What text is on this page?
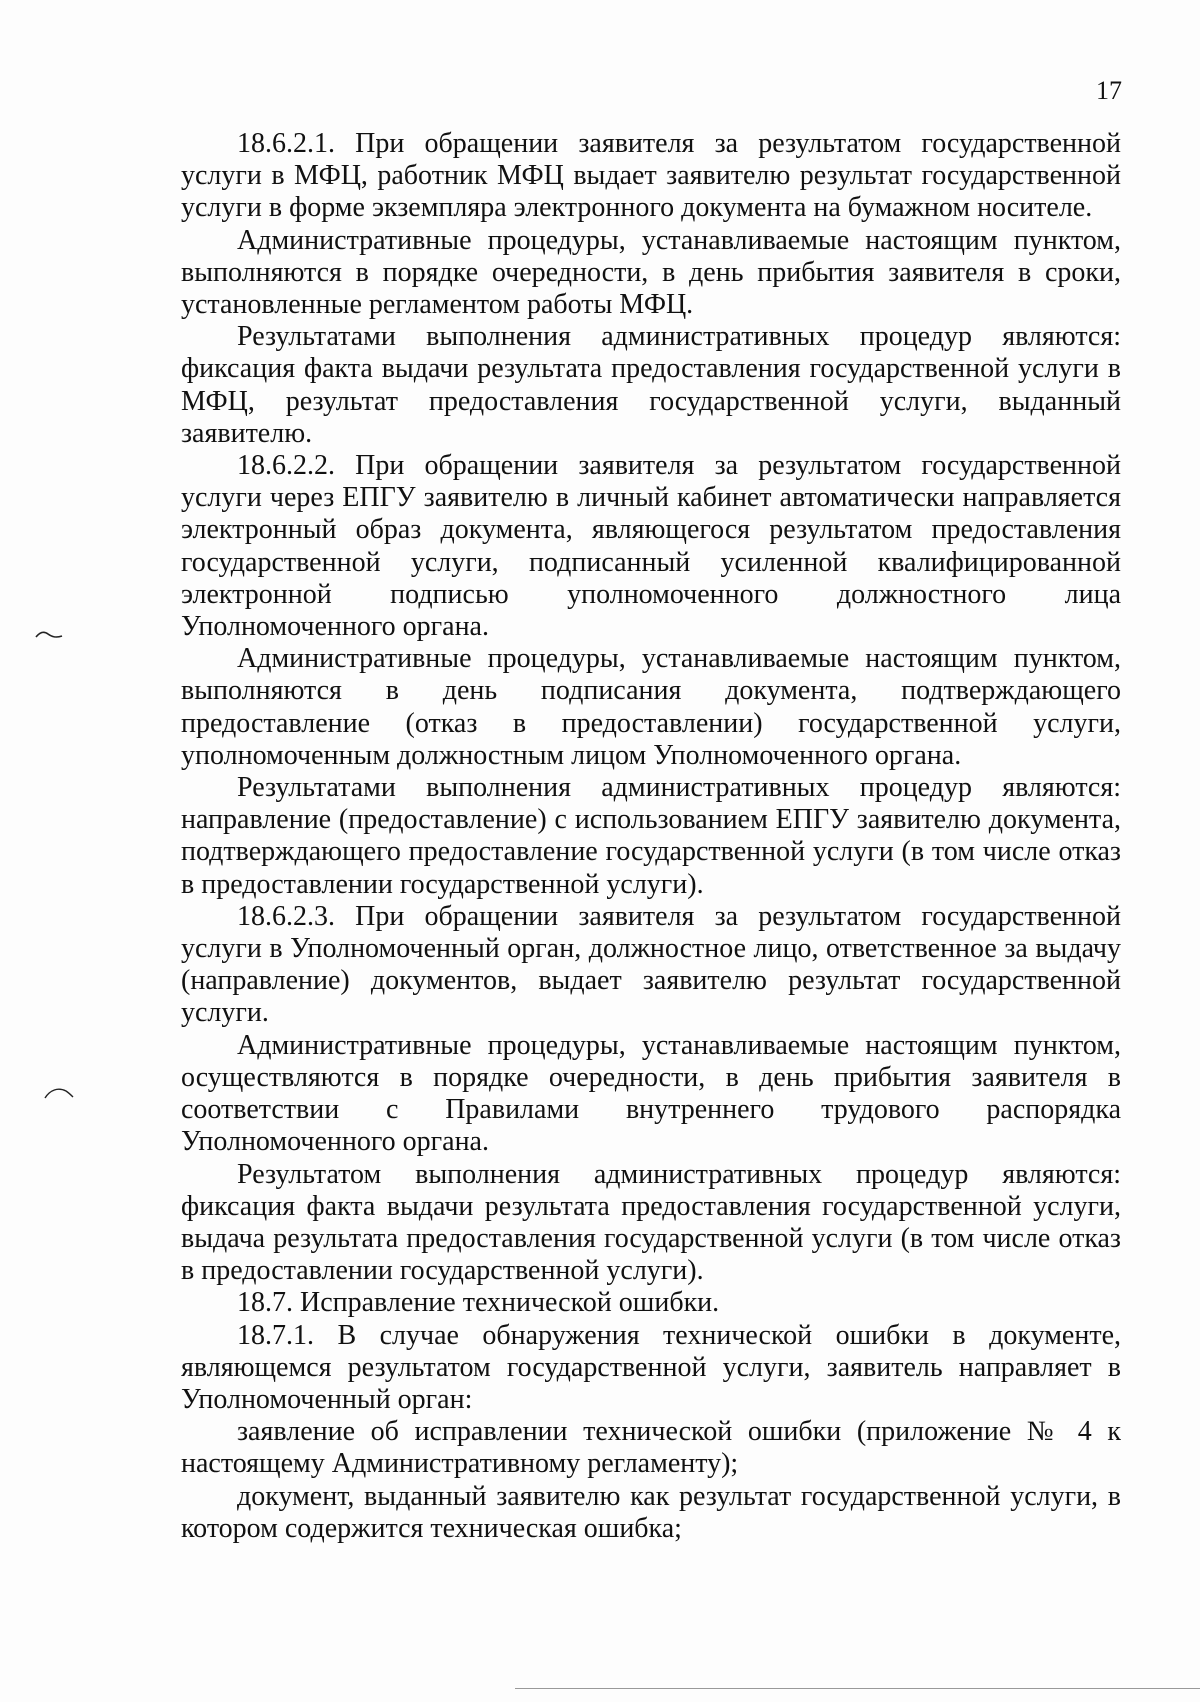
17

18.6.2.1. При обращении заявителя за результатом государственной услуги в МФЦ, работник МФЦ выдает заявителю результат государственной услуги в форме экземпляра электронного документа на бумажном носителе.

Административные процедуры, устанавливаемые настоящим пунктом, выполняются в порядке очередности, в день прибытия заявителя в сроки, установленные регламентом работы МФЦ.

Результатами выполнения административных процедур являются: фиксация факта выдачи результата предоставления государственной услуги в МФЦ, результат предоставления государственной услуги, выданный заявителю.

18.6.2.2. При обращении заявителя за результатом государственной услуги через ЕПГУ заявителю в личный кабинет автоматически направляется электронный образ документа, являющегося результатом предоставления государственной услуги, подписанный усиленной квалифицированной электронной подписью уполномоченного должностного лица Уполномоченного органа.

Административные процедуры, устанавливаемые настоящим пунктом, выполняются в день подписания документа, подтверждающего предоставление (отказ в предоставлении) государственной услуги, уполномоченным должностным лицом Уполномоченного органа.

Результатами выполнения административных процедур являются: направление (предоставление) с использованием ЕПГУ заявителю документа, подтверждающего предоставление государственной услуги (в том числе отказ в предоставлении государственной услуги).

18.6.2.3. При обращении заявителя за результатом государственной услуги в Уполномоченный орган, должностное лицо, ответственное за выдачу (направление) документов, выдает заявителю результат государственной услуги.

Административные процедуры, устанавливаемые настоящим пунктом, осуществляются в порядке очередности, в день прибытия заявителя в соответствии с Правилами внутреннего трудового распорядка Уполномоченного органа.

Результатом выполнения административных процедур являются: фиксация факта выдачи результата предоставления государственной услуги, выдача результата предоставления государственной услуги (в том числе отказ в предоставлении государственной услуги).

18.7. Исправление технической ошибки.

18.7.1. В случае обнаружения технической ошибки в документе, являющемся результатом государственной услуги, заявитель направляет в Уполномоченный орган:

заявление об исправлении технической ошибки (приложение № 4 к настоящему Административному регламенту);

документ, выданный заявителю как результат государственной услуги, в котором содержится техническая ошибка;
